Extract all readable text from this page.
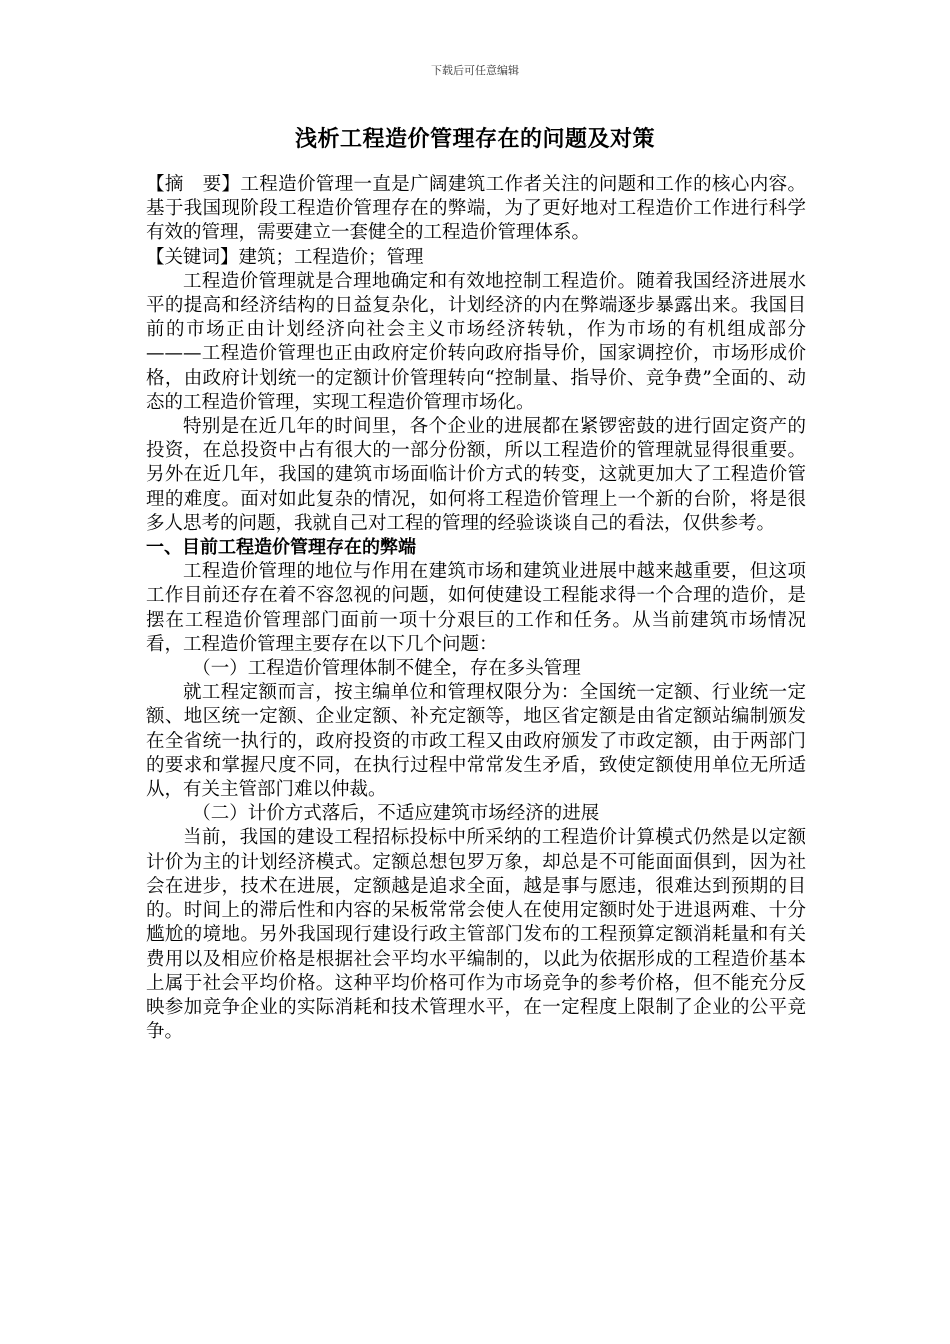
下载后可任意编辑
浅析工程造价管理存在的问题及对策

【摘　要】工程造价管理一直是广阔建筑工作者关注的问题和工作的核心内容。基于我国现阶段工程造价管理存在的弊端，为了更好地对工程造价工作进行科学有效的管理，需要建立一套健全的工程造价管理体系。

【关键词】建筑；工程造价；管理

工程造价管理就是合理地确定和有效地控制工程造价。随着我国经济进展水平的提高和经济结构的日益复杂化，计划经济的内在弊端逐步暴露出来。我国目前的市场正由计划经济向社会主义市场经济转轨，作为市场的有机组成部分———工程造价管理也正由政府定价转向政府指导价，国家调控价，市场形成价格，由政府计划统一的定额计价管理转向“控制量、指导价、竞争费”全面的、动态的工程造价管理，实现工程造价管理市场化。

特别是在近几年的时间里，各个企业的进展都在紧锣密鼓的进行固定资产的投资，在总投资中占有很大的一部分份额，所以工程造价的管理就显得很重要。另外在近几年，我国的建筑市场面临计价方式的转变，这就更加大了工程造价管理的难度。面对如此复杂的情况，如何将工程造价管理上一个新的台阶，将是很多人思考的问题，我就自己对工程的管理的经验谈谈自己的看法，仅供参考。

一、目前工程造价管理存在的弊端

工程造价管理的地位与作用在建筑市场和建筑业进展中越来越重要，但这项工作目前还存在着不容忽视的问题，如何使建设工程能求得一个合理的造价，是摆在工程造价管理部门面前一项十分艰巨的工作和任务。从当前建筑市场情况看，工程造价管理主要存在以下几个问题：

（一）工程造价管理体制不健全，存在多头管理

就工程定额而言，按主编单位和管理权限分为：全国统一定额、行业统一定额、地区统一定额、企业定额、补充定额等，地区省定额是由省定额站编制颁发在全省统一执行的，政府投资的市政工程又由政府颁发了市政定额，由于两部门的要求和掌握尺度不同，在执行过程中常常发生矛盾，致使定额使用单位无所适从，有关主管部门难以仲裁。

（二）计价方式落后，不适应建筑市场经济的进展

当前，我国的建设工程招标投标中所采纳的工程造价计算模式仍然是以定额计价为主的计划经济模式。定额总想包罗万象，却总是不可能面面俱到，因为社会在进步，技术在进展，定额越是追求全面，越是事与愿违，很难达到预期的目的。时间上的滞后性和内容的呆板常常会使人在使用定额时处于进退两难、十分尴尬的境地。另外我国现行建设行政主管部门发布的工程预算定额消耗量和有关费用以及相应价格是根据社会平均水平编制的，以此为依据形成的工程造价基本上属于社会平均价格。这种平均价格可作为市场竞争的参考价格，但不能充分反映参加竞争企业的实际消耗和技术管理水平，在一定程度上限制了企业的公平竞争。
